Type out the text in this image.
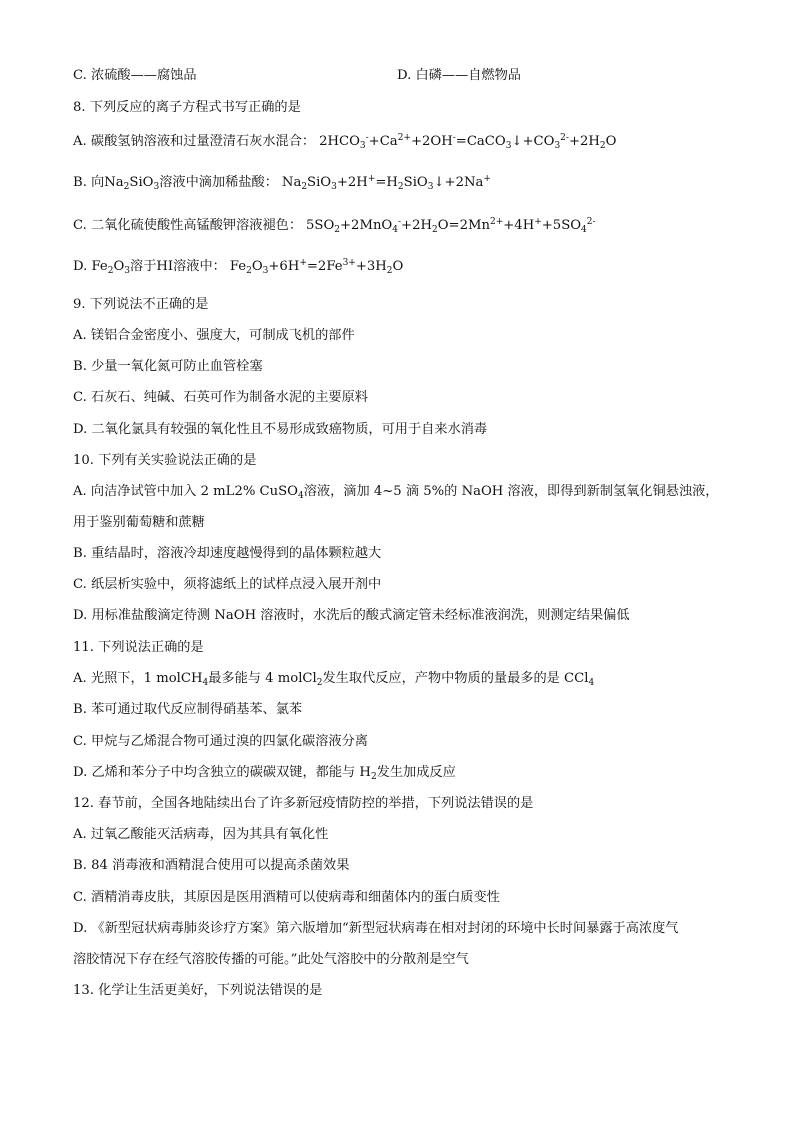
C. 浓硫酸——腐蚀品	D. 白磷——自燃物品
8. 下列反应的离子方程式书写正确的是
A. 碳酸氢钠溶液和过量澄清石灰水混合： $2HCO_3^-+Ca^{2+}+2OH^-=CaCO_3↓+CO_3^{2-}+2H_2O$
B. 向$Na_2SiO_3$溶液中滴加稀盐酸： $Na_2SiO_3+2H^+=H_2SiO_3↓+2Na^+$
C. 二氧化硫使酸性高锰酸钾溶液褪色： $5SO_2+2MnO_4^-+2H_2O=2Mn^{2+}+4H^++5SO_4^{2-}$
D. $Fe_2O_3$溶于HI溶液中： $Fe_2O_3+6H^+=2Fe^{3+}+3H_2O$
9. 下列说法不正确的是
A. 镁铝合金密度小、强度大，可制成飞机的部件
B. 少量一氧化氮可防止血管栓塞
C. 石灰石、纯碱、石英可作为制备水泥的主要原料
D. 二氧化氯具有较强的氧化性且不易形成致癌物质，可用于自来水消毒
10. 下列有关实验说法正确的是
A. 向洁净试管中加入 2 mL2% CuSO$_4$溶液，滴加 4~5 滴 5%的 NaOH 溶液，即得到新制氢氧化铜悬浊液，
用于鉴别葡萄糖和蔗糖
B. 重结晶时，溶液冷却速度越慢得到的晶体颗粒越大
C. 纸层析实验中，须将滤纸上的试样点浸入展开剂中
D. 用标准盐酸滴定待测 NaOH 溶液时，水洗后的酸式滴定管未经标准液润洗，则测定结果偏低
11. 下列说法正确的是
A. 光照下，1 molCH$_4$最多能与 4 molCl$_2$发生取代反应，产物中物质的量最多的是 CCl$_4$
B. 苯可通过取代反应制得硝基苯、氯苯
C. 甲烷与乙烯混合物可通过溴的四氯化碳溶液分离
D. 乙烯和苯分子中均含独立的碳碳双键，都能与 $H_2$发生加成反应
12. 春节前，全国各地陆续出台了许多新冠疫情防控的举措，下列说法错误的是
A. 过氧乙酸能灭活病毒，因为其具有氧化性
B. 84 消毒液和酒精混合使用可以提高杀菌效果
C. 酒精消毒皮肤，其原因是医用酒精可以使病毒和细菌体内的蛋白质变性
D. 《新型冠状病毒肺炎诊疗方案》第六版增加“新型冠状病毒在相对封闭的环境中长时间暴露于高浓度气
溶胶情况下存在经气溶胶传播的可能。”此处气溶胶中的分散剂是空气
13. 化学让生活更美好，下列说法错误的是
